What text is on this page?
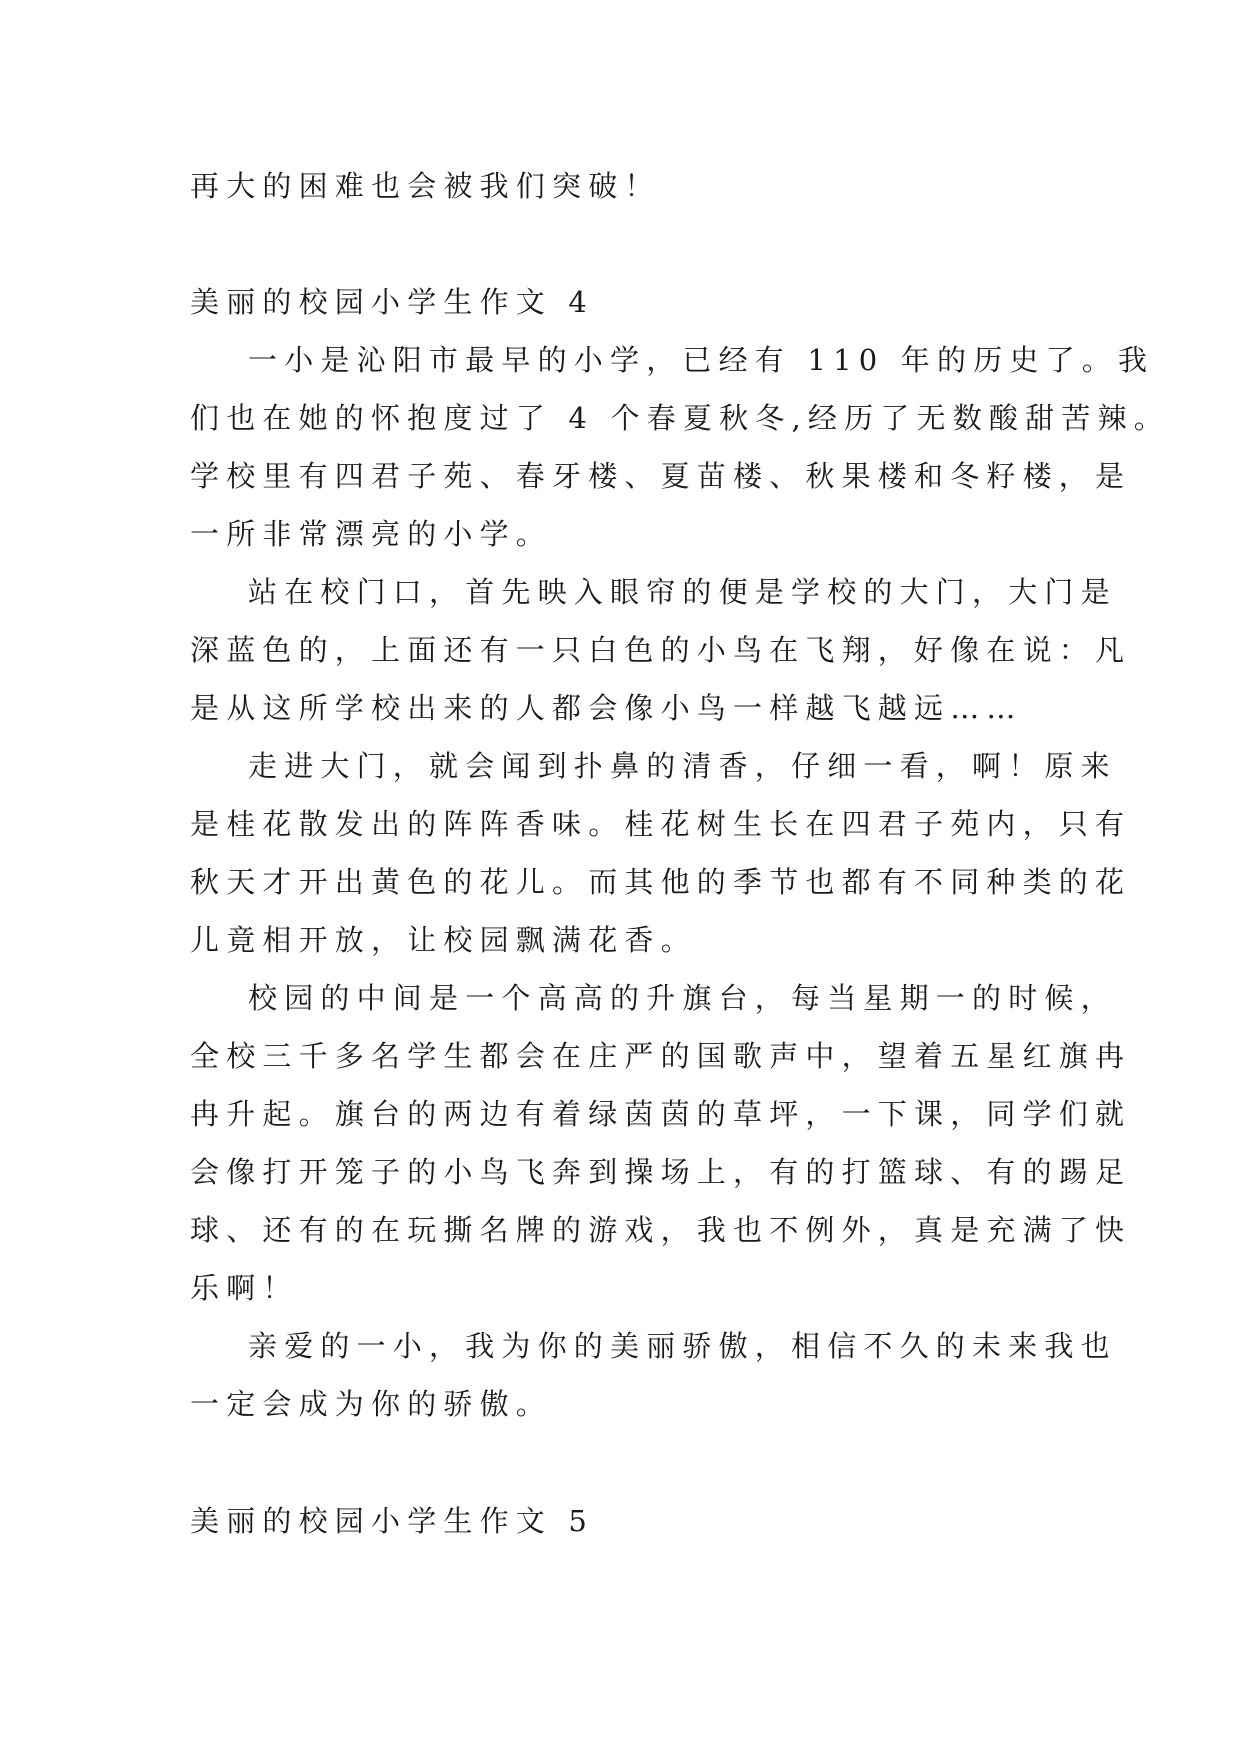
再大的困难也会被我们突破！
美丽的校园小学生作文 4
一小是沁阳市最早的小学，已经有 110 年的历史了。我
们也在她的怀抱度过了 4 个春夏秋冬,经历了无数酸甜苦辣。
学校里有四君子苑、春牙楼、夏苗楼、秋果楼和冬籽楼，是
一所非常漂亮的小学。
站在校门口，首先映入眼帘的便是学校的大门，大门是
深蓝色的，上面还有一只白色的小鸟在飞翔，好像在说：凡
是从这所学校出来的人都会像小鸟一样越飞越远……
走进大门，就会闻到扑鼻的清香，仔细一看，啊！原来
是桂花散发出的阵阵香味。桂花树生长在四君子苑内，只有
秋天才开出黄色的花儿。而其他的季节也都有不同种类的花
儿竟相开放，让校园飘满花香。
校园的中间是一个高高的升旗台，每当星期一的时候，
全校三千多名学生都会在庄严的国歌声中，望着五星红旗冉
冉升起。旗台的两边有着绿茵茵的草坪，一下课，同学们就
会像打开笼子的小鸟飞奔到操场上，有的打篮球、有的踢足
球、还有的在玩撕名牌的游戏，我也不例外，真是充满了快
乐啊！
亲爱的一小，我为你的美丽骄傲，相信不久的未来我也
一定会成为你的骄傲。
美丽的校园小学生作文 5
